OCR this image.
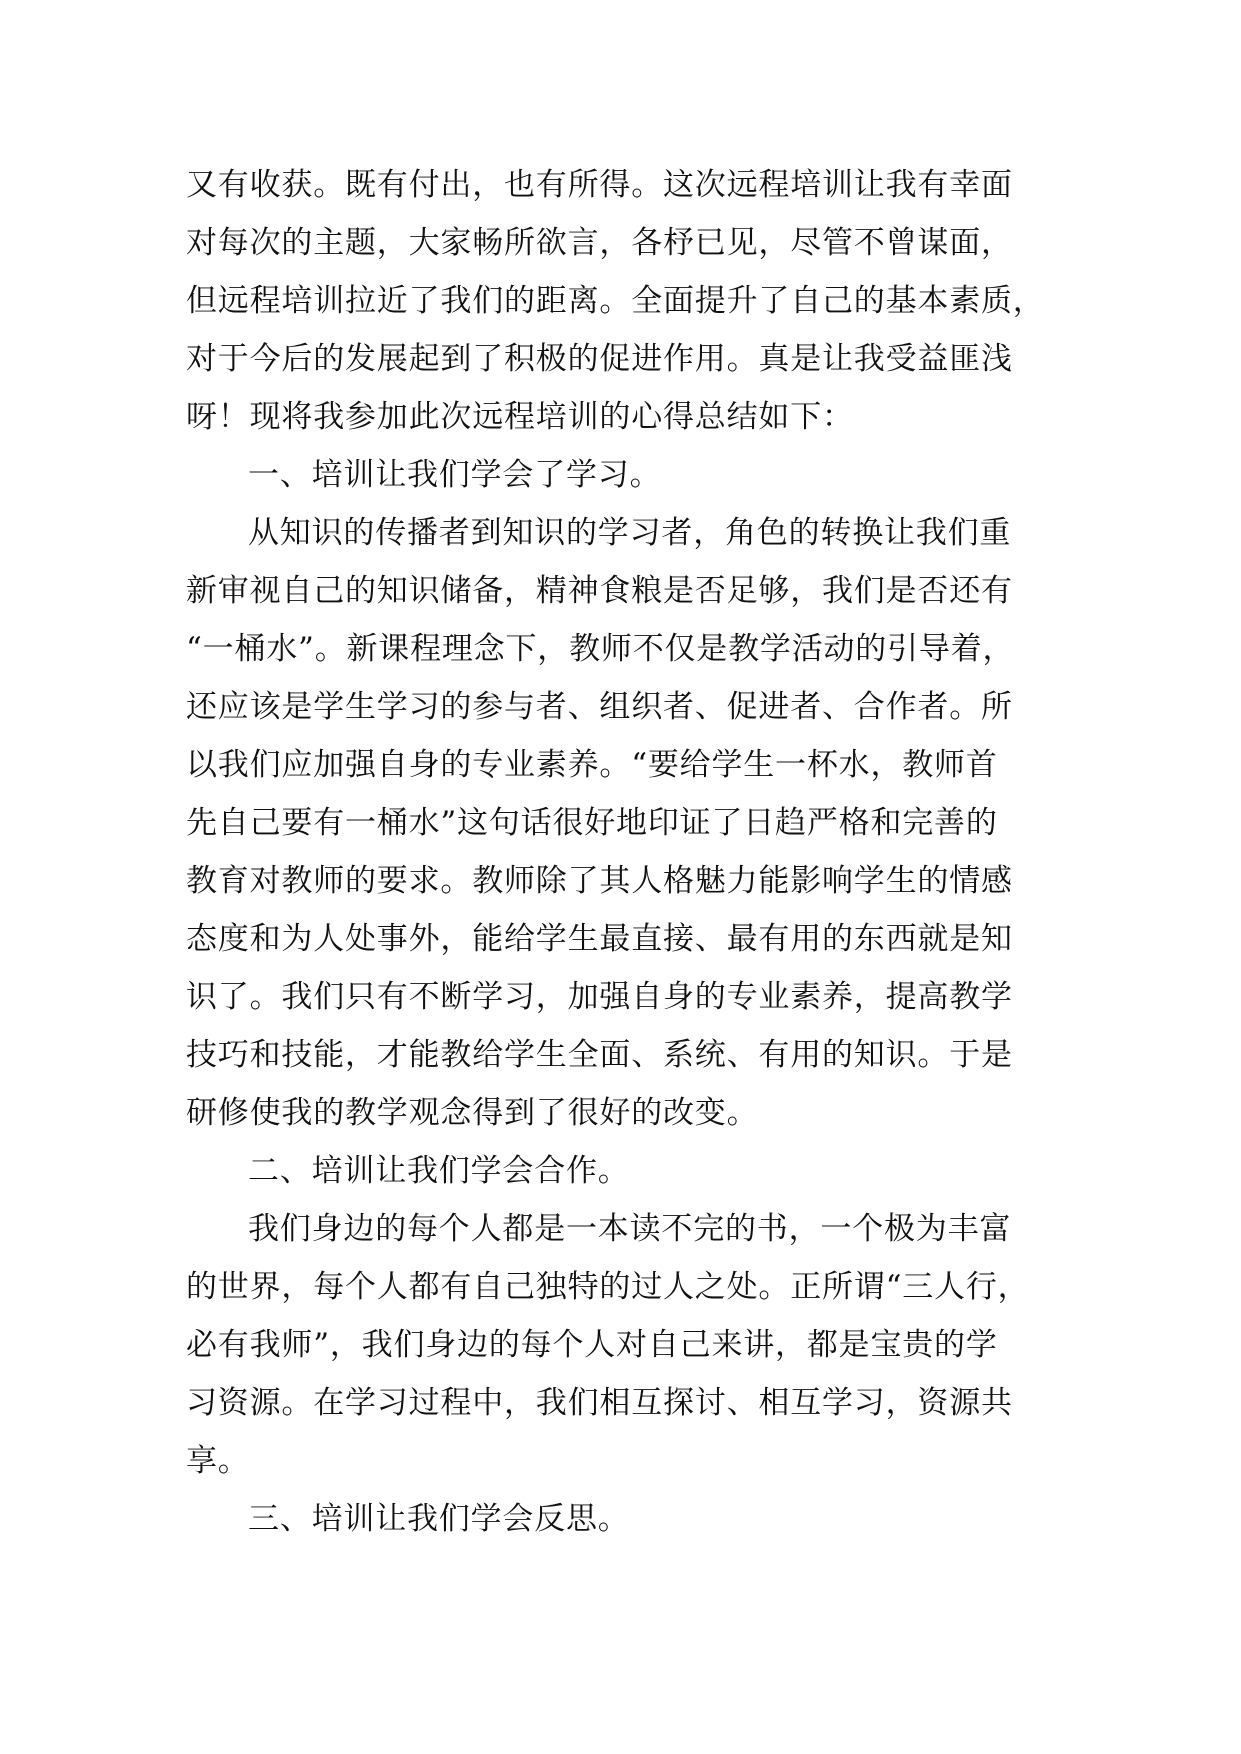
又有收获。既有付出，也有所得。这次远程培训让我有幸面
对每次的主题，大家畅所欲言，各杼已见，尽管不曾谋面，
但远程培训拉近了我们的距离。全面提升了自己的基本素质，
对于今后的发展起到了积极的促进作用。真是让我受益匪浅
呀！现将我参加此次远程培训的心得总结如下：
一、培训让我们学会了学习。
从知识的传播者到知识的学习者，角色的转换让我们重
新审视自己的知识储备，精神食粮是否足够，我们是否还有
“一桶水”。新课程理念下，教师不仅是教学活动的引导着，
还应该是学生学习的参与者、组织者、促进者、合作者。所
以我们应加强自身的专业素养。“要给学生一杯水，教师首
先自己要有一桶水”这句话很好地印证了日趋严格和完善的
教育对教师的要求。教师除了其人格魅力能影响学生的情感
态度和为人处事外，能给学生最直接、最有用的东西就是知
识了。我们只有不断学习，加强自身的专业素养，提高教学
技巧和技能，才能教给学生全面、系统、有用的知识。于是
研修使我的教学观念得到了很好的改变。
二、培训让我们学会合作。
我们身边的每个人都是一本读不完的书，一个极为丰富
的世界，每个人都有自己独特的过人之处。正所谓“三人行，
必有我师”，我们身边的每个人对自己来讲，都是宝贵的学
习资源。在学习过程中，我们相互探讨、相互学习，资源共
享。
三、培训让我们学会反思。
